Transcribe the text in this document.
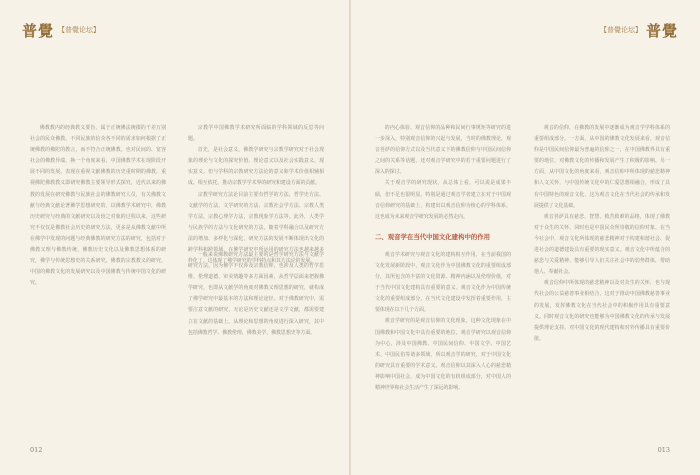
普覺 【普覺论坛】	【普覺论坛】 普覺

佛教教内的经典教义要旨，属于正统佛法统摄的千差万别社会的民众佛教，不同民族的信众各不同的需求如何根据了正统佛教的佛陀的教言，而不符合正统佛教。也对民间的、宽容社会的佛教异端，换一个角度来看，中国佛教学术在现阶段开展不同的发展，表现在重视文献佛教的历史重时期的佛教，重视佛陀佛教教义即研究佛教主要领导形式探究，近代以来的佛教的发展在研究佛教与民族社会的佛教研究人员，有关佛教文献与经典文献论著佛学思想研究的，以佛教学术研究中，佛教历史研究与经典的文献研究以及较之对象的过程以来，这些研究不仅仅是佛教社会历史的研究方法，更多是从佛教文献中所在佛学中发现的问题与经典佛教的研究方法的研究，包括对于佛教义理与佛教传统，佛教历史文化以及佛教思想体系的研究，佛学与传统思想史的关系研究，佛教的宗教教义的研究，中国的佛教文化的发展研究以及中国佛教与传统中国文化的研究。

宗教学中国佛教学术研究所面临的学科领域的反思等问题。

首先，是社会意义，佛教学研究与宗教学研究对于社会现象的理论与文化的探究价值、理论意义以及社会实践意义、现实意义。但与学科的宗教研究方法论的意义和学术价值相辅相成、相互依托，推动宗教学学术界的研究和建设方面的贡献。

宗教学研究方法论目前主要有哲学的方法、哲学史方法、文献学的方法、文学研究的方法、宗教社会学方法、宗教人类学方法、宗教心理学方法、宗教现象学方法等。此外，人类学与民族学的方法与文化研究的方法，随着学科融合以及研究方法的增加、多样化与深化，研究方法的发展不断体现出文化的跨学科和跨领域，在佛学研究中所运用的研究方法也越来越多样化了，这体现了佛学研究的学科特点和其方法论的发展。

一般来说佛教研究方法最主要的是哲学研究方法与文献学研究方法。因为佛学不仅涉及宗教信仰，也涉及人类的哲学思维、伦理道德、审美情趣等多方面因素，从哲学层面来把握佛学研究，也即从文献学的角度对佛教义理思想的研究，就构成了佛学研究中最基本的方法和理论途径。对于佛教研究中，需要注意文献的研究，无论是历史文献还是文学文献，都需要建立在文献的基础上。从理论和思想的角度进行深入研究，其中包括佛教哲学、佛教伦理、佛教美学、佛教思想史等方面。

的内心体验、观音信仰的品种和民间行事规矩等研究的进一步深入，特别观音信仰的兴起与发展，当时的佛教理论，观音菩萨的信仰方式以及当代意义下的佛教信仰与中国民间信仰之间的关系等话题，还对观音学研究中的若干重要问题进行了深入的探讨。

关于观音学的研究现状，从总体上看，可以说是成果丰硕，但不足也很明显。特别是通过观音学者建立在对于中国观音信仰研究的基础上，构建出以观音信仰为核心的学科体系，这也成为未来观音学研究发展的必然走向。

二、观音学在当代中国文化建构中的作用

观音学术研究与观音文化的建构相互作用，在当前我国的文化发展新阶段中，观音文化作为中国佛教文化的重要组成部分，其所包含的丰富的文化资源、精神内涵以及伦理价值，对于当代中国文化建构具有重要的意义。观音文化作为中国传统文化的重要组成部分，在当代文化建设中发挥着重要作用，主要体现在以下几个方面。

观音学研究的是观音信仰的文化现象，这种文化现象在中国佛教和中国文化中具有重要的地位，观音学研究以观音信仰为中心，涉及中国佛教、中国民间信仰、中国文学、中国艺术、中国民俗等诸多领域，所以观音学的研究，对于中国文化的研究具有重要的学术意义。观音信仰以其深入人心的慈悲精神影响中国社会，成为中国文化的有机组成部分，对中国人的精神世界和社会生活产生了深远的影响。

观音的信仰，在佛教的发展中逐渐成为观音学学科体系的重要组成部分。一方面，从中国的佛教文化发展来看，观音信仰是中国民间信仰最为普遍的信仰之一，在中国佛教界具有重要的地位，对佛教文化的传播和发展产生了积极的影响。另一方面，从中国文化的角度来看，观音信仰中所体现的慈悲精神和人文关怀，与中国传统文化中的仁爱思想相融合，形成了具有中国特色的观音文化，这为观音文化在当代社会的传承和发展提供了文化基础。

观音菩萨具有慈悲、智慧、救苦救难的品格，体现了佛教对于众生的关怀，同时也是中国民众所崇敬的信仰对象。在当今社会中，观音文化所体现的慈悲精神对于构建和谐社会、促进社会的道德建设具有重要的现实意义。观音文化中所蕴含的慈悲与关爱精神，能够引导人们关注社会中的弱势群体，帮助他人、奉献社会。

观音信仰中所体现的慈悲精神以及对众生的关怀，也与现代社会的公益慈善事业相结合，这对于推动中国佛教慈善事业的发展，发挥佛教文化在当代社会中的积极作用具有重要意义。同时观音文化的研究也能够为中国佛教文化的传承与发展提供理论支持，对中国文化的现代建构和对外传播具有重要价值。

012	013
